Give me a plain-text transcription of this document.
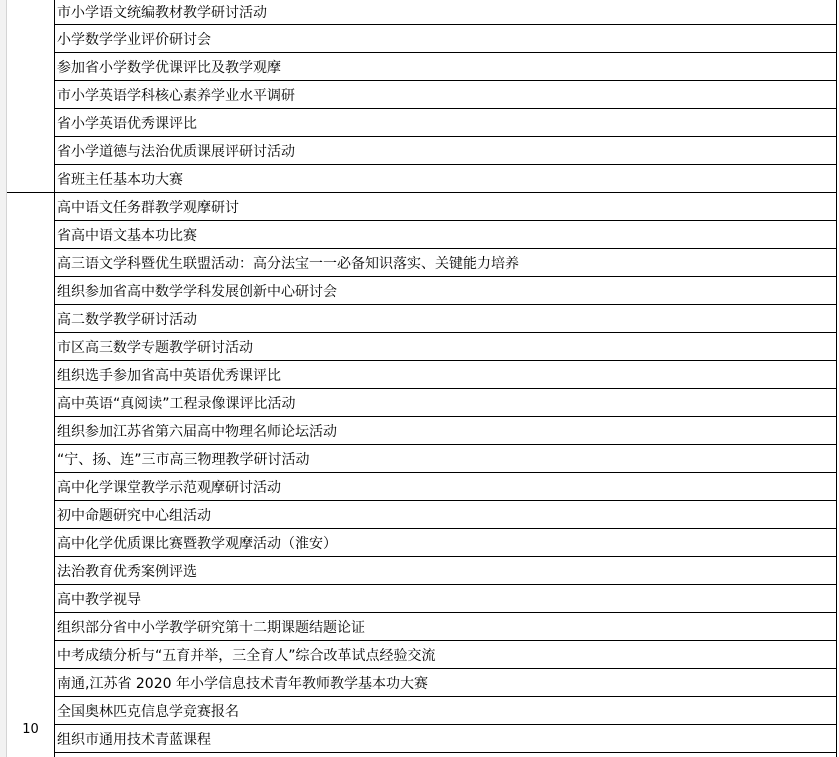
10
市小学语文统编教材教学研讨活动
小学数学学业评价研讨会
参加省小学数学优课评比及教学观摩
市小学英语学科核心素养学业水平调研
省小学英语优秀课评比
省小学道德与法治优质课展评研讨活动
省班主任基本功大赛
高中语文任务群教学观摩研讨
省高中语文基本功比赛
高三语文学科暨优生联盟活动：高分法宝一一必备知识落实、关键能力培养
组织参加省高中数学学科发展创新中心研讨会
高二数学教学研讨活动
市区高三数学专题教学研讨活动
组织选手参加省高中英语优秀课评比
高中英语“真阅读”工程录像课评比活动
组织参加江苏省第六届高中物理名师论坛活动
“宁、扬、连”三市高三物理教学研讨活动
高中化学课堂教学示范观摩研讨活动
初中命题研究中心组活动
高中化学优质课比赛暨教学观摩活动（淮安）
法治教育优秀案例评选
高中教学视导
组织部分省中小学教学研究第十二期课题结题论证
中考成绩分析与“五育并举，三全育人”综合改革试点经验交流
南通,江苏省 2020 年小学信息技术青年教师教学基本功大赛
全国奥林匹克信息学竞赛报名
组织市通用技术青蓝课程
